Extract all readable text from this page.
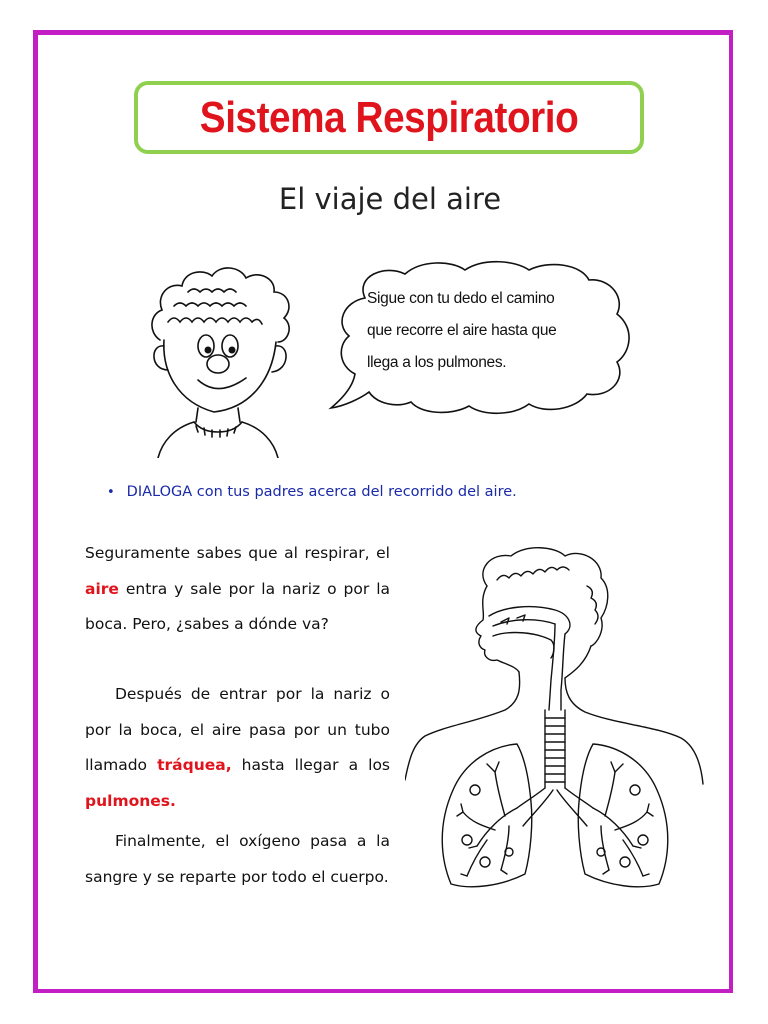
Sistema Respiratorio
El viaje del aire
Sigue con tu dedo el camino
que recorre el aire hasta que
llega a los pulmones.
• DIALOGA con tus padres acerca del recorrido del aire.
Seguramente sabes que al respirar, el aire entra y sale por la nariz o por la boca. Pero, ¿sabes a dónde va?
Después de entrar por la nariz o por la boca, el aire pasa por un tubo llamado tráquea, hasta llegar a los pulmones.
Finalmente, el oxígeno pasa a la sangre y se reparte por todo el cuerpo.
